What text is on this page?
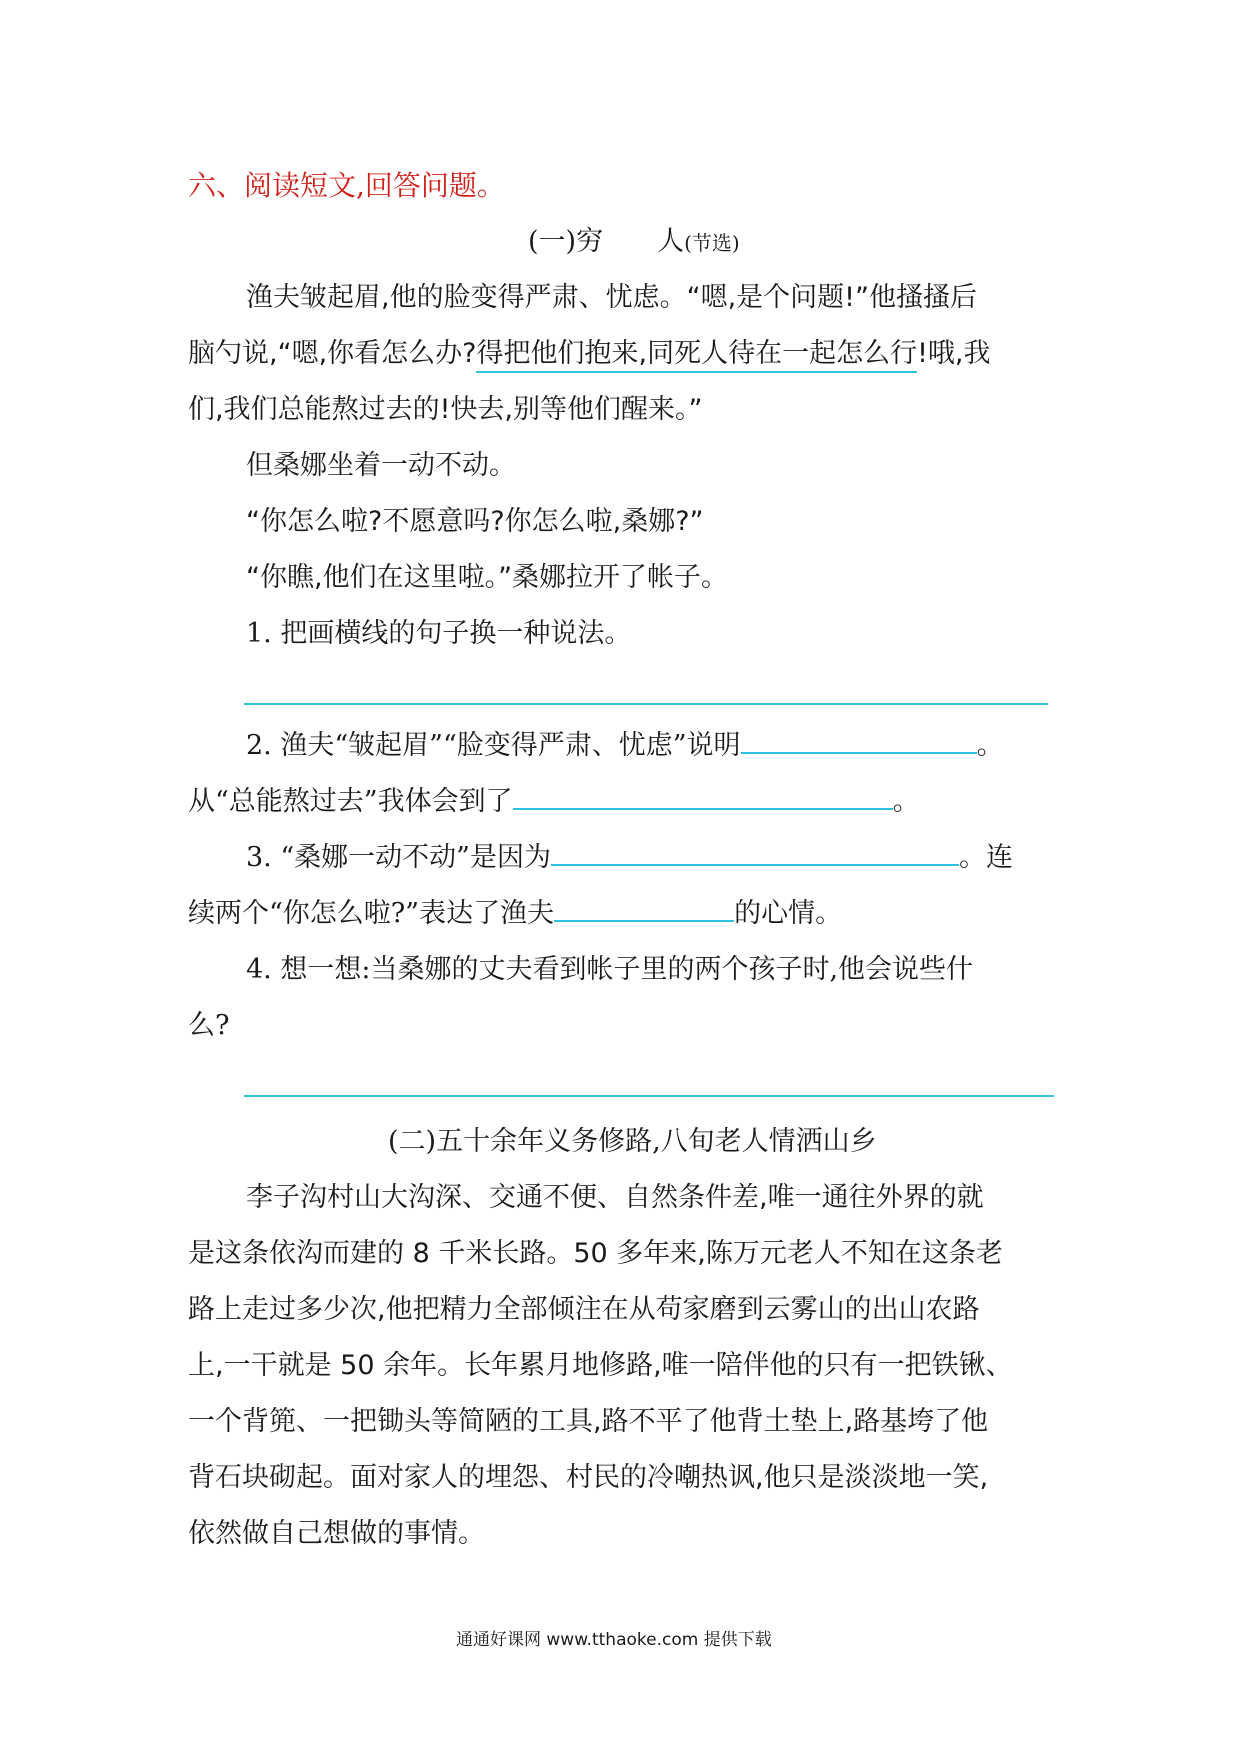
六、阅读短文,回答问题。
(一)穷　　人(节选)
渔夫皱起眉,他的脸变得严肃、忧虑。“嗯,是个问题!”他搔搔后
脑勺说,“嗯,你看怎么办?得把他们抱来,同死人待在一起怎么行!哦,我
们,我们总能熬过去的!快去,别等他们醒来。”
但桑娜坐着一动不动。
“你怎么啦?不愿意吗?你怎么啦,桑娜?”
“你瞧,他们在这里啦。”桑娜拉开了帐子。
1. 把画横线的句子换一种说法。
2. 渔夫“皱起眉”“脸变得严肃、忧虑”说明	。
从“总能熬过去”我体会到了	。
3. “桑娜一动不动”是因为	。连
续两个“你怎么啦?”表达了渔夫	的心情。
4. 想一想:当桑娜的丈夫看到帐子里的两个孩子时,他会说些什
么?
(二)五十余年义务修路,八旬老人情洒山乡
李子沟村山大沟深、交通不便、自然条件差,唯一通往外界的就
是这条依沟而建的 8 千米长路。50 多年来,陈万元老人不知在这条老
路上走过多少次,他把精力全部倾注在从苟家磨到云雾山的出山农路
上,一干就是 50 余年。长年累月地修路,唯一陪伴他的只有一把铁锹、
一个背篼、一把锄头等简陋的工具,路不平了他背土垫上,路基垮了他
背石块砌起。面对家人的埋怨、村民的冷嘲热讽,他只是淡淡地一笑,
依然做自己想做的事情。
通通好课网 www.tthaoke.com 提供下载
